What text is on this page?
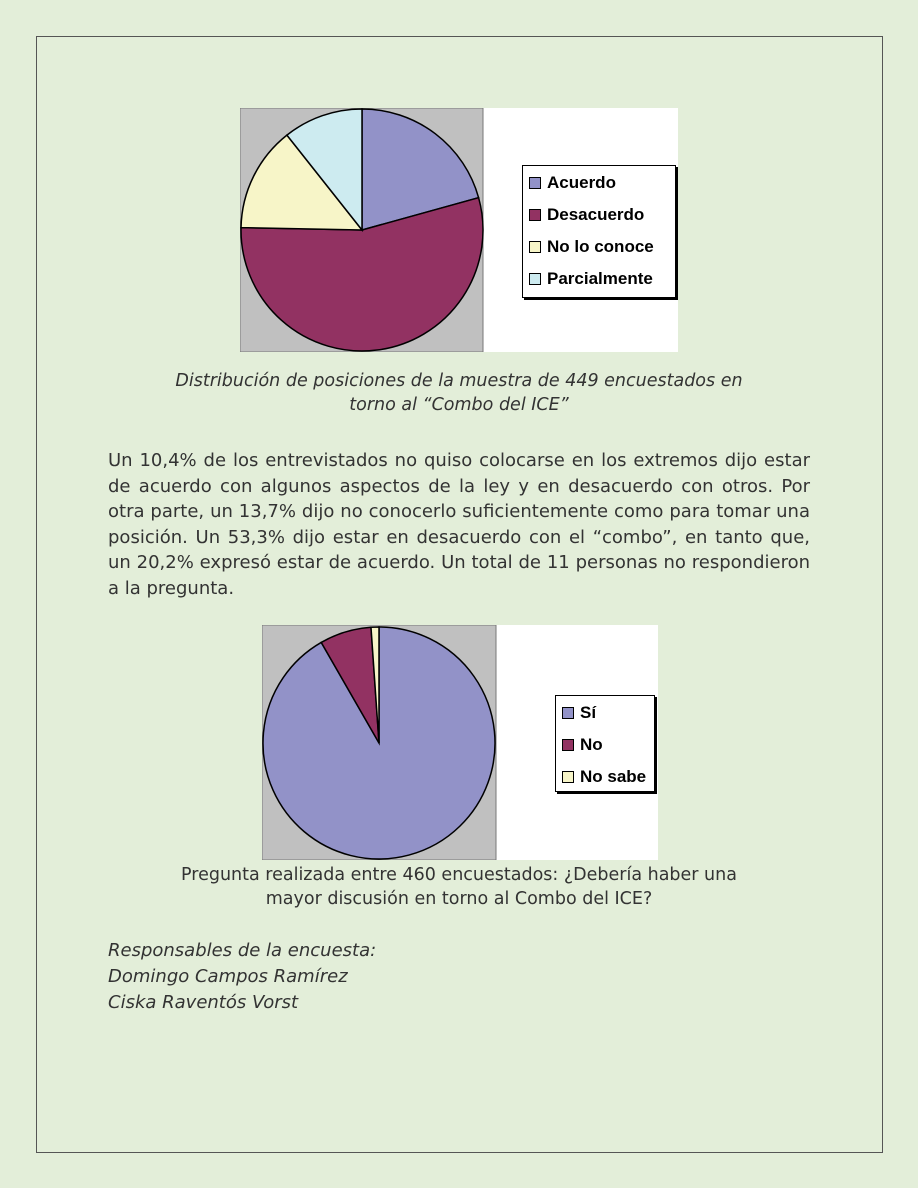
Acuerdo
Desacuerdo
No lo conoce
Parcialmente
Distribución de posiciones de la muestra de 449 encuestados en
torno al “Combo del ICE”
Un 10,4% de los entrevistados no quiso colocarse en los extremos dijo estar de acuerdo con algunos aspectos de la ley y en desacuerdo con otros. Por otra parte, un 13,7% dijo no conocerlo suficientemente como para tomar una posición. Un 53,3% dijo estar en desacuerdo con el “combo”, en tanto que, un 20,2% expresó estar de acuerdo. Un total de 11 personas no respondieron a la pregunta.
Sí
No
No sabe
Pregunta realizada entre 460 encuestados: ¿Debería haber una
mayor discusión en torno al Combo del ICE?
Responsables de la encuesta:
Domingo Campos Ramírez
Ciska Raventós Vorst
